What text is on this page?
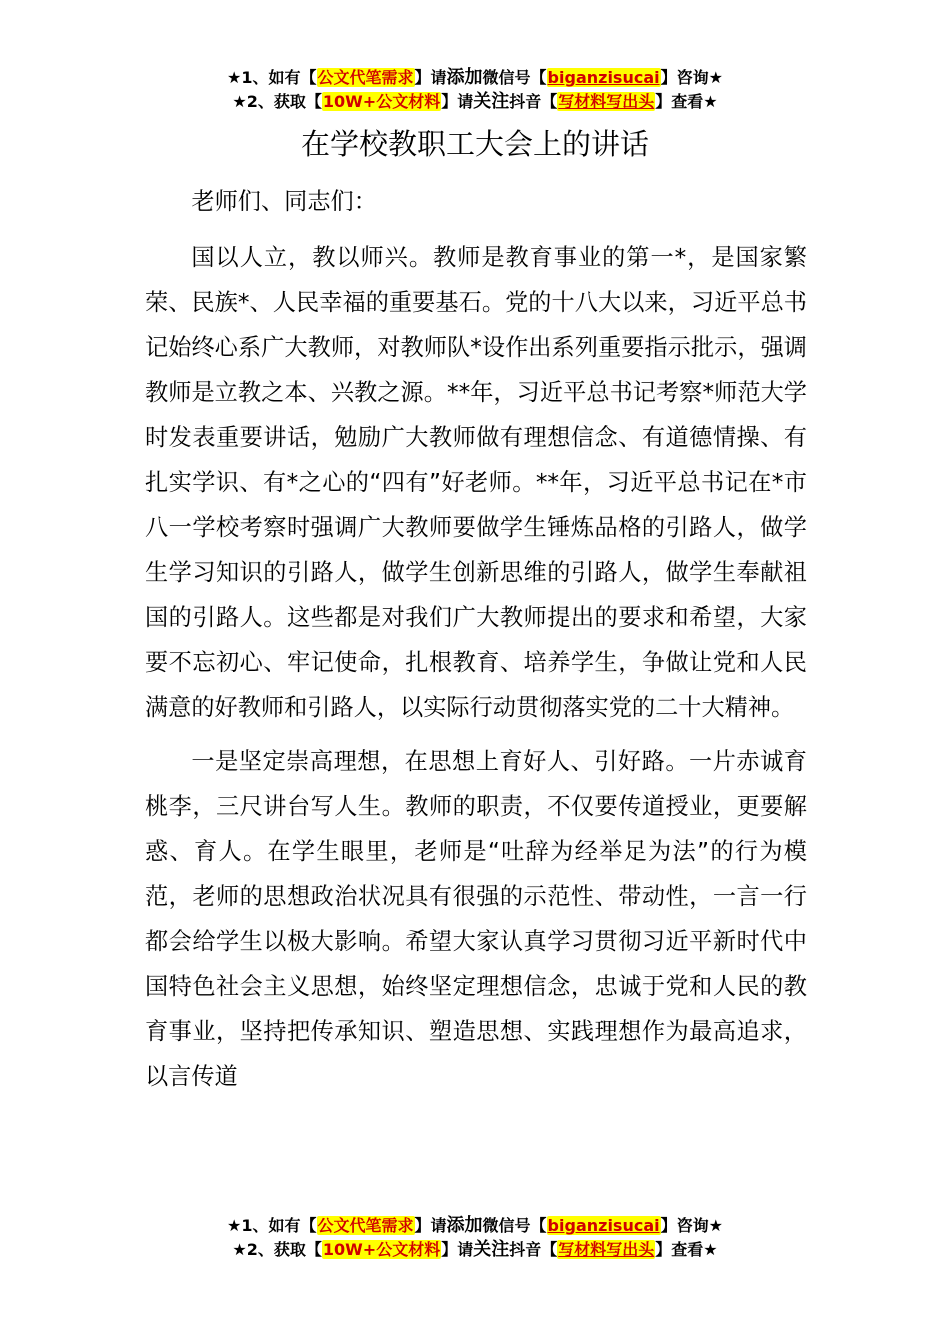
★1、如有【公文代笔需求】请添加微信号【biganzisucai】咨询★
★2、获取【10W+公文材料】请关注抖音【写材料写出头】查看★
在学校教职工大会上的讲话

老师们、同志们：

国以人立，教以师兴。教师是教育事业的第一*，是国家繁荣、民族*、人民幸福的重要基石。党的十八大以来，习近平总书记始终心系广大教师，对教师队*设作出系列重要指示批示，强调教师是立教之本、兴教之源。**年，习近平总书记考察*师范大学时发表重要讲话，勉励广大教师做有理想信念、有道德情操、有扎实学识、有*之心的“四有”好老师。**年，习近平总书记在*市八一学校考察时强调广大教师要做学生锤炼品格的引路人，做学生学习知识的引路人，做学生创新思维的引路人，做学生奉献祖国的引路人。这些都是对我们广大教师提出的要求和希望，大家要不忘初心、牢记使命，扎根教育、培养学生，争做让党和人民满意的好教师和引路人，以实际行动贯彻落实党的二十大精神。

一是坚定崇高理想，在思想上育好人、引好路。一片赤诚育桃李，三尺讲台写人生。教师的职责，不仅要传道授业，更要解惑、育人。在学生眼里，老师是“吐辞为经举足为法”的行为模范，老师的思想政治状况具有很强的示范性、带动性，一言一行都会给学生以极大影响。希望大家认真学习贯彻习近平新时代中国特色社会主义思想，始终坚定理想信念，忠诚于党和人民的教育事业，坚持把传承知识、塑造思想、实践理想作为最高追求，以言传道

★1、如有【公文代笔需求】请添加微信号【biganzisucai】咨询★
★2、获取【10W+公文材料】请关注抖音【写材料写出头】查看★
